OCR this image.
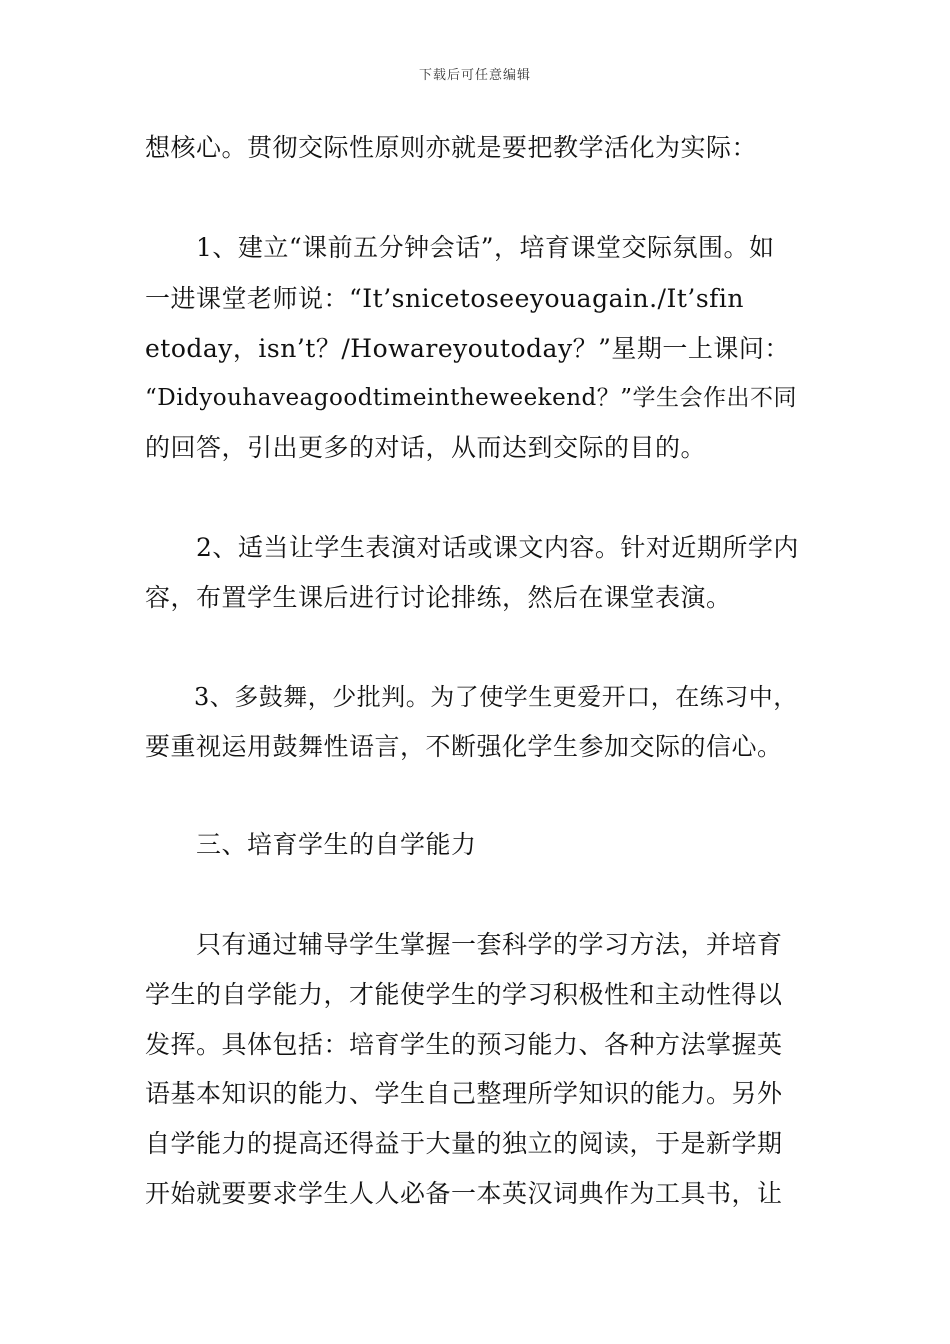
下载后可任意编辑
想核心。贯彻交际性原则亦就是要把教学活化为实际：
　　1、建立“课前五分钟会话”，培育课堂交际氛围。如
一进课堂老师说：“It’snicetoseeyouagain./It’sfin
etoday，isn’t？/Howareyoutoday？”星期一上课问：
“Didyouhaveagoodtimeintheweekend？”学生会作出不同
的回答，引出更多的对话，从而达到交际的目的。
　　2、适当让学生表演对话或课文内容。针对近期所学内
容，布置学生课后进行讨论排练，然后在课堂表演。
　　3、多鼓舞，少批判。为了使学生更爱开口，在练习中，
要重视运用鼓舞性语言，不断强化学生参加交际的信心。
　　三、培育学生的自学能力
　　只有通过辅导学生掌握一套科学的学习方法，并培育
学生的自学能力，才能使学生的学习积极性和主动性得以
发挥。具体包括：培育学生的预习能力、各种方法掌握英
语基本知识的能力、学生自己整理所学知识的能力。另外
自学能力的提高还得益于大量的独立的阅读，于是新学期
开始就要要求学生人人必备一本英汉词典作为工具书，让
